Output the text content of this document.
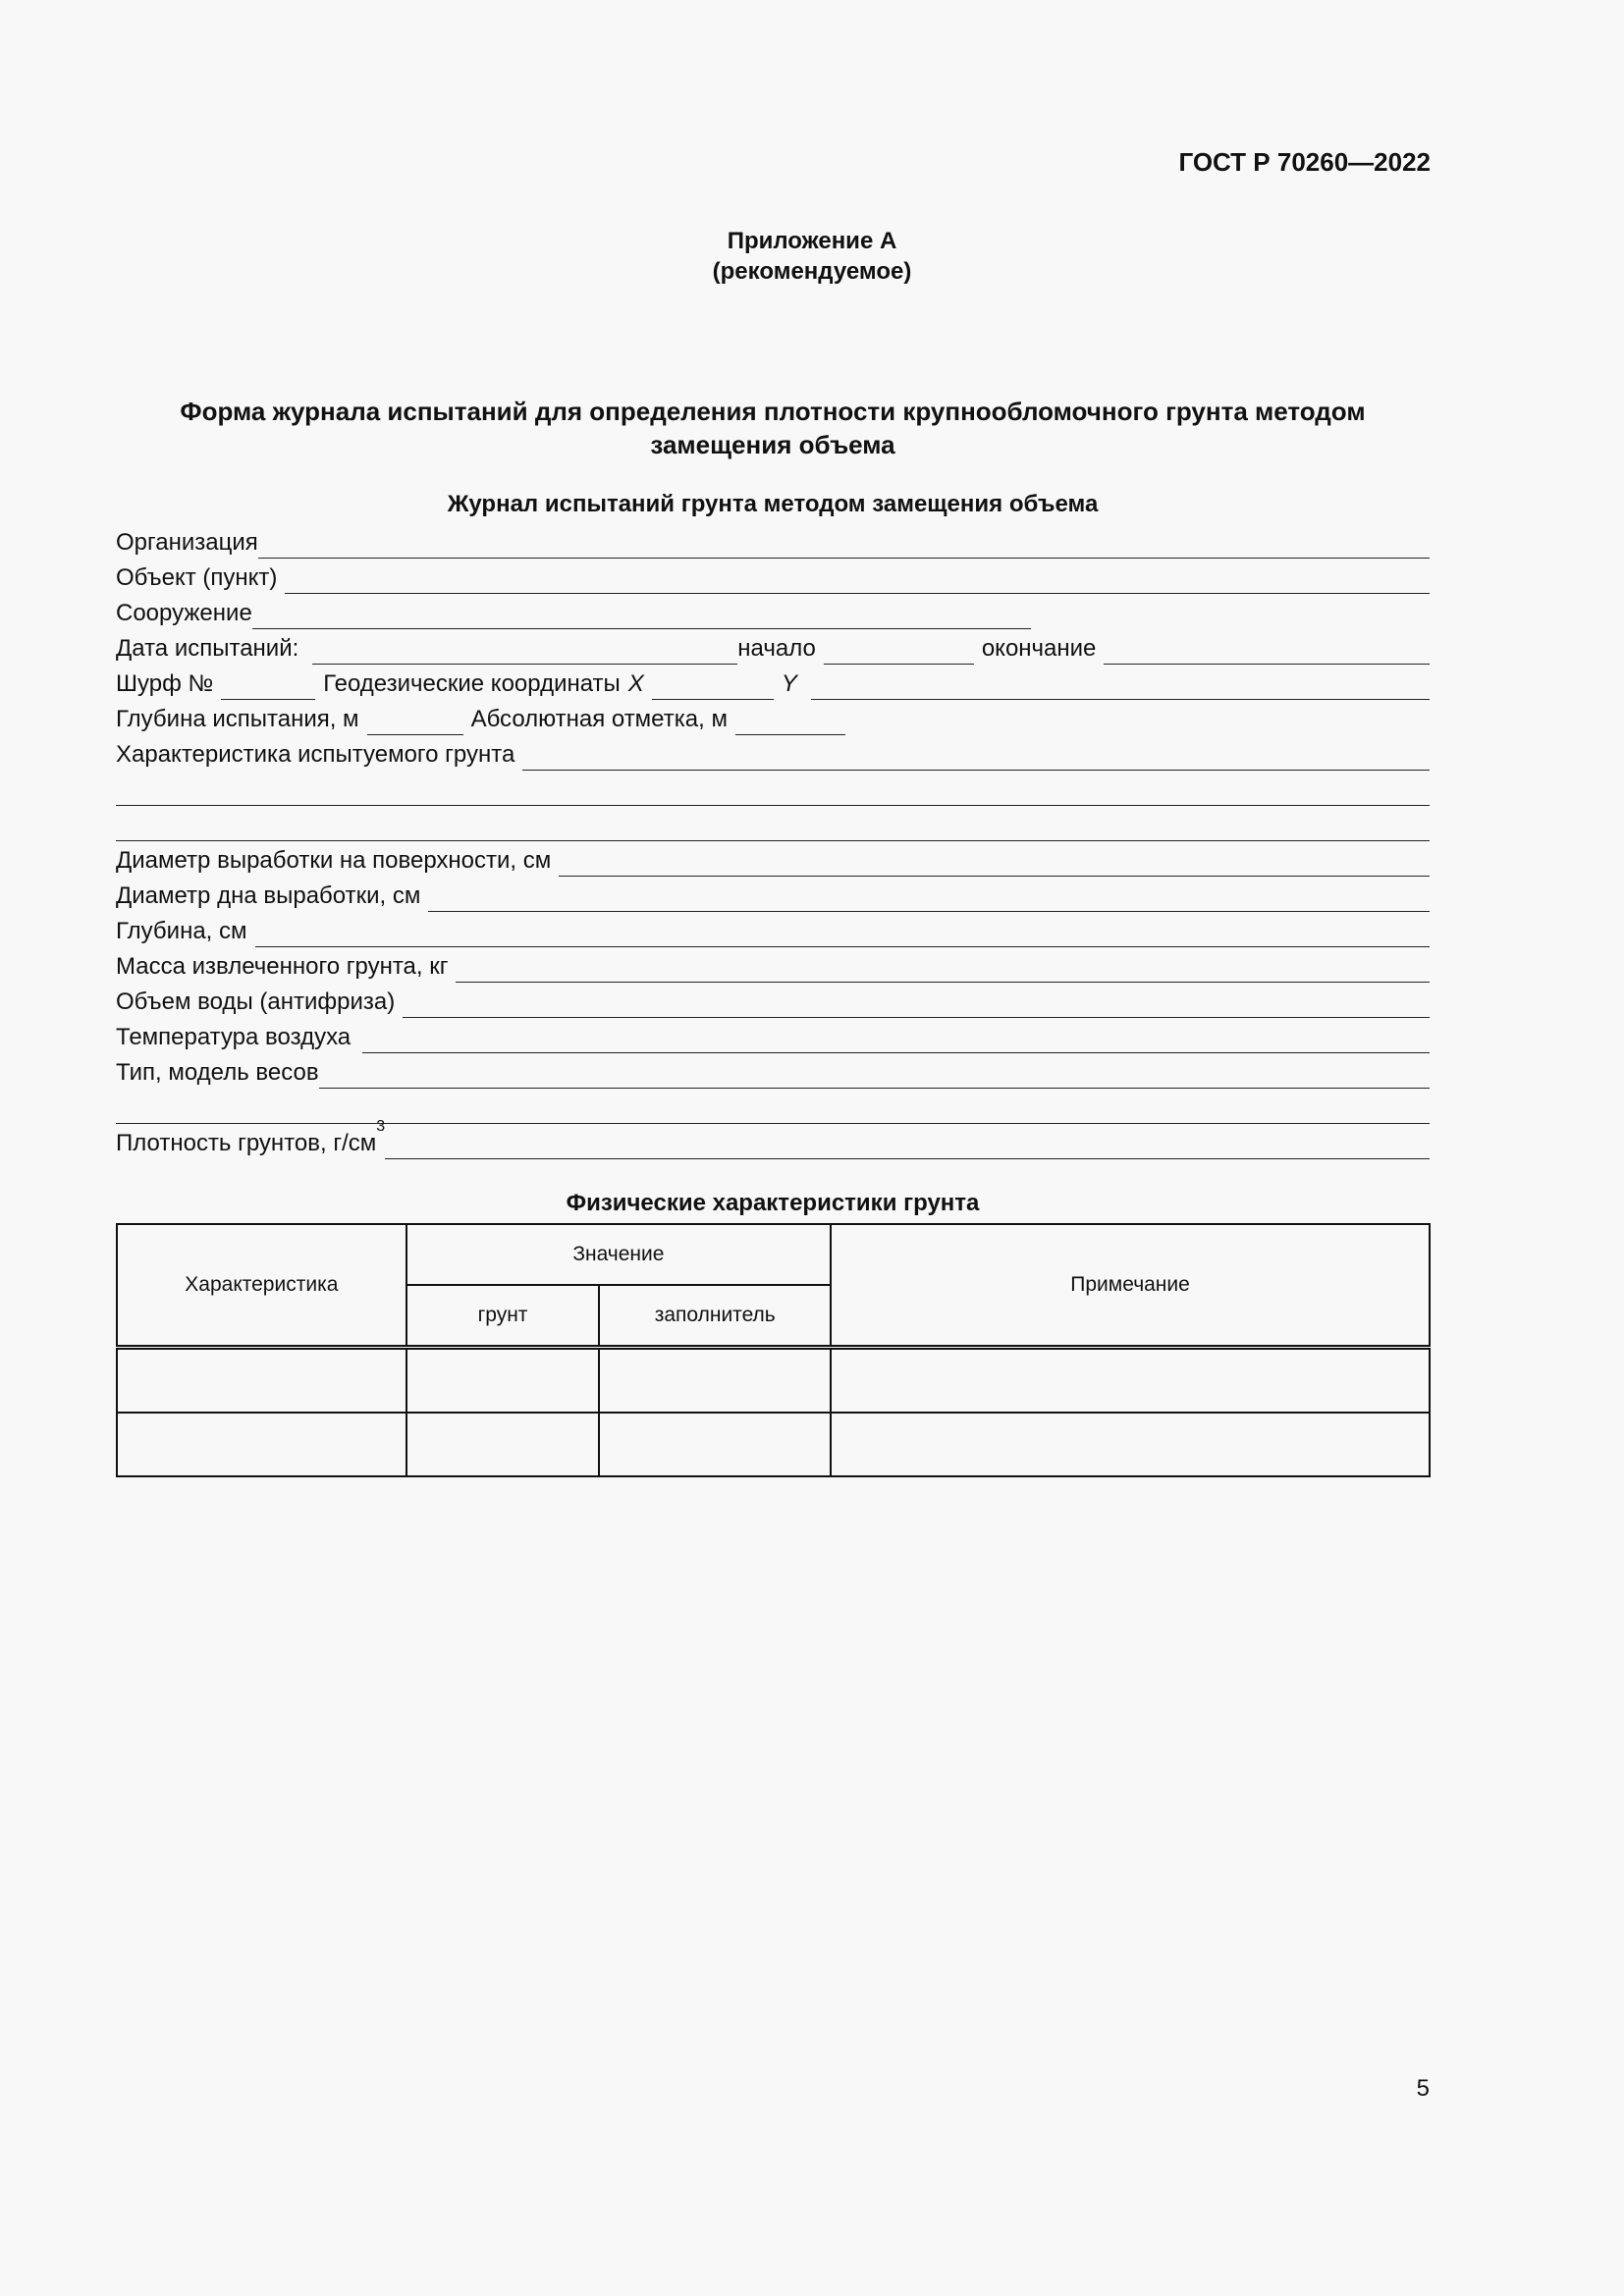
ГОСТ Р 70260—2022
Приложение А
(рекомендуемое)
Форма журнала испытаний для определения плотности крупнообломочного грунта методом
замещения объема
Журнал испытаний грунта методом замещения объема
Организация
Объект (пункт)
Сооружение
Дата испытаний:	начало	окончание
Шурф №	Геодезические координаты X	Y
Глубина испытания, м	Абсолютная отметка, м
Характеристика испытуемого грунта
Диаметр выработки на поверхности, см
Диаметр дна выработки, см
Глубина, см
Масса извлеченного грунта, кг
Объем воды (антифриза)
Температура воздуха
Тип, модель весов
Плотность грунтов, $г/см^3$
Физические характеристики грунта
Характеристика	Значение		Примечание
	грунт	заполнитель	

5
